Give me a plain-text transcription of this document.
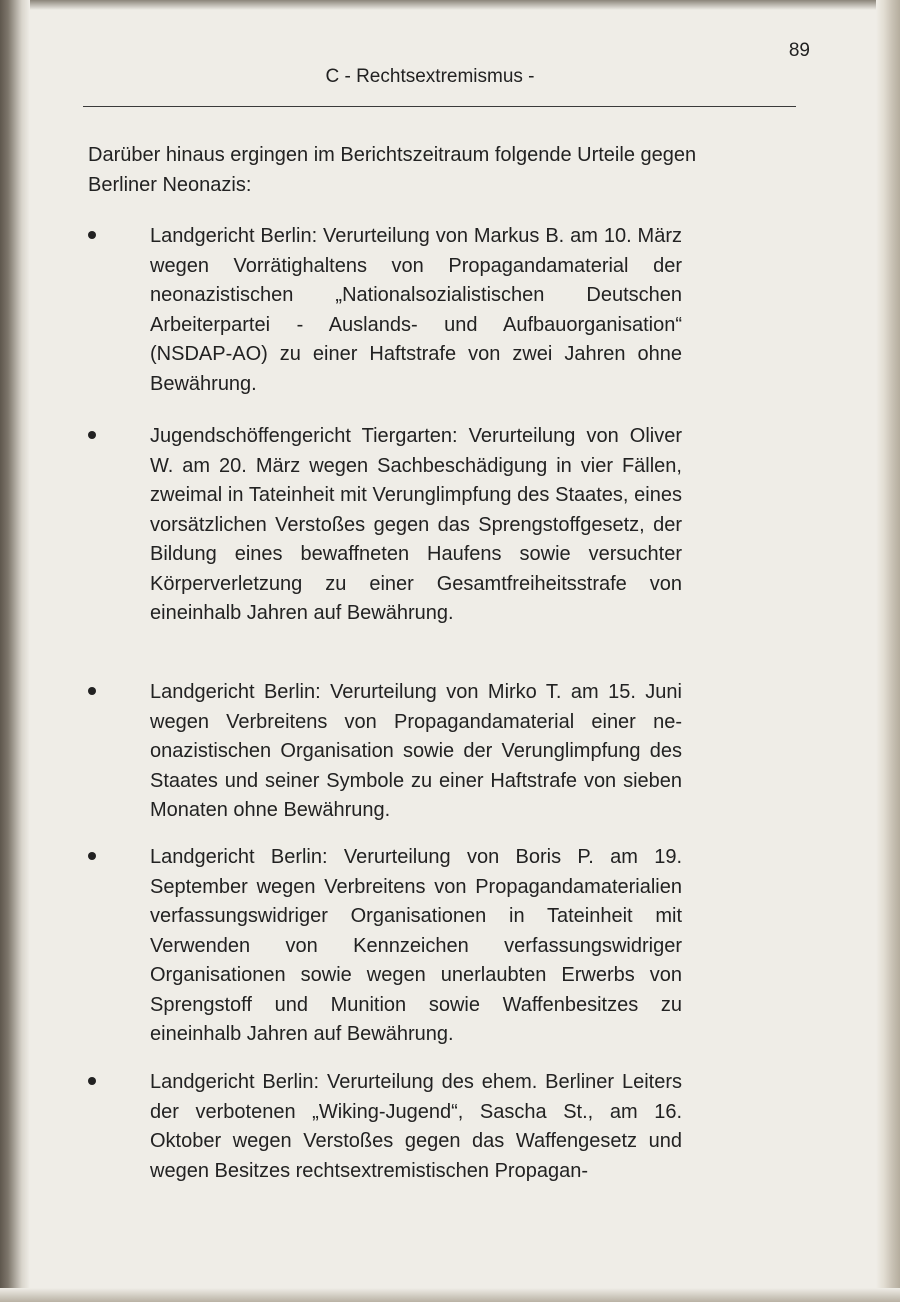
89
C - Rechtsextremismus -
Darüber hinaus ergingen im Berichtszeitraum folgende Urteile gegen Berliner Neonazis:
Landgericht Berlin: Verurteilung von Markus B. am 10. März wegen Vorrätighaltens von Propagandamaterial der neonazistischen „Nationalsozialistischen Deutschen Arbeiterpartei - Auslands- und Aufbauorganisation“ (NSDAP-AO) zu einer Haftstrafe von zwei Jahren ohne Bewährung.
Jugendschöffengericht Tiergarten: Verurteilung von Oliver W. am 20. März wegen Sachbeschädigung in vier Fällen, zweimal in Tateinheit mit Verunglimpfung des Staates, eines vorsätzlichen Verstoßes gegen das Sprengstoffgesetz, der Bildung eines bewaffneten Haufens sowie versuchter Körperverletzung zu einer Gesamtfreiheitsstrafe von eineinhalb Jahren auf Bewährung.
Landgericht Berlin: Verurteilung von Mirko T. am 15. Juni wegen Verbreitens von Propagandamaterial einer neonazistischen Organisation sowie der Verunglimpfung des Staates und seiner Symbole zu einer Haftstrafe von sieben Monaten ohne Bewährung.
Landgericht Berlin: Verurteilung von Boris P. am 19. September wegen Verbreitens von Propagandamaterialien verfassungswidriger Organisationen in Tateinheit mit Verwenden von Kennzeichen verfassungswidriger Organisationen sowie wegen unerlaubten Erwerbs von Sprengstoff und Munition sowie Waffenbesitzes zu eineinhalb Jahren auf Bewährung.
Landgericht Berlin: Verurteilung des ehem. Berliner Leiters der verbotenen „Wiking-Jugend“, Sascha St., am 16. Oktober wegen Verstoßes gegen das Waffengesetz und wegen Besitzes rechtsextremistischen Propagan-
